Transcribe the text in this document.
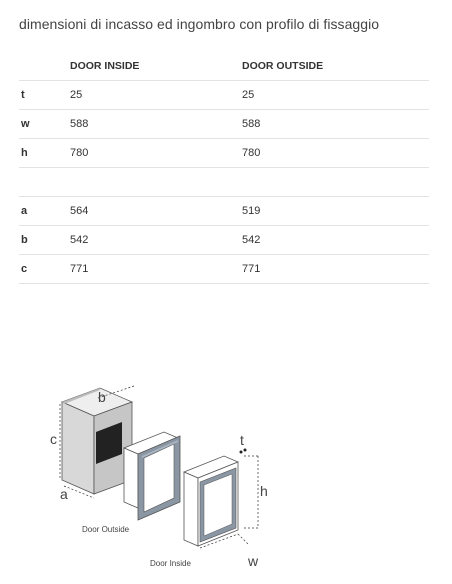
dimensioni di incasso ed ingombro con profilo di fissaggio
	DOOR INSIDE	DOOR OUTSIDE
t	25	25
w	588	588
h	780	780

a	564	519
b	542	542
c	771	771
b
c
a
Door Outside
t
h
w
Door Inside
